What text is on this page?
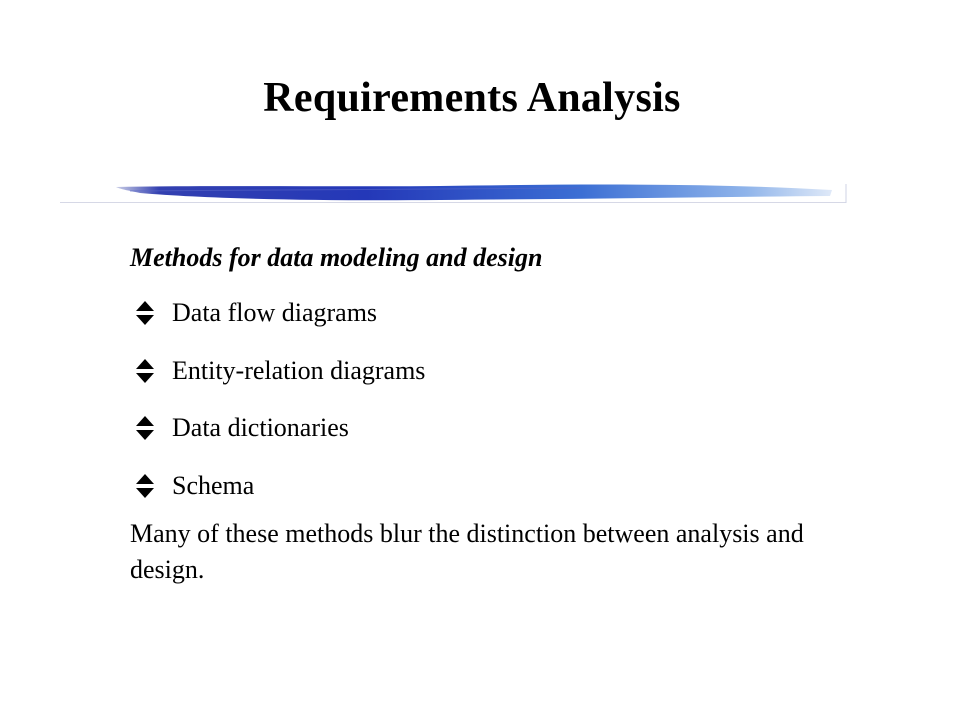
Requirements Analysis

Methods for data modeling and design

Data flow diagrams
Entity-relation diagrams
Data dictionaries
Schema

Many of these methods blur the distinction between analysis and design.
